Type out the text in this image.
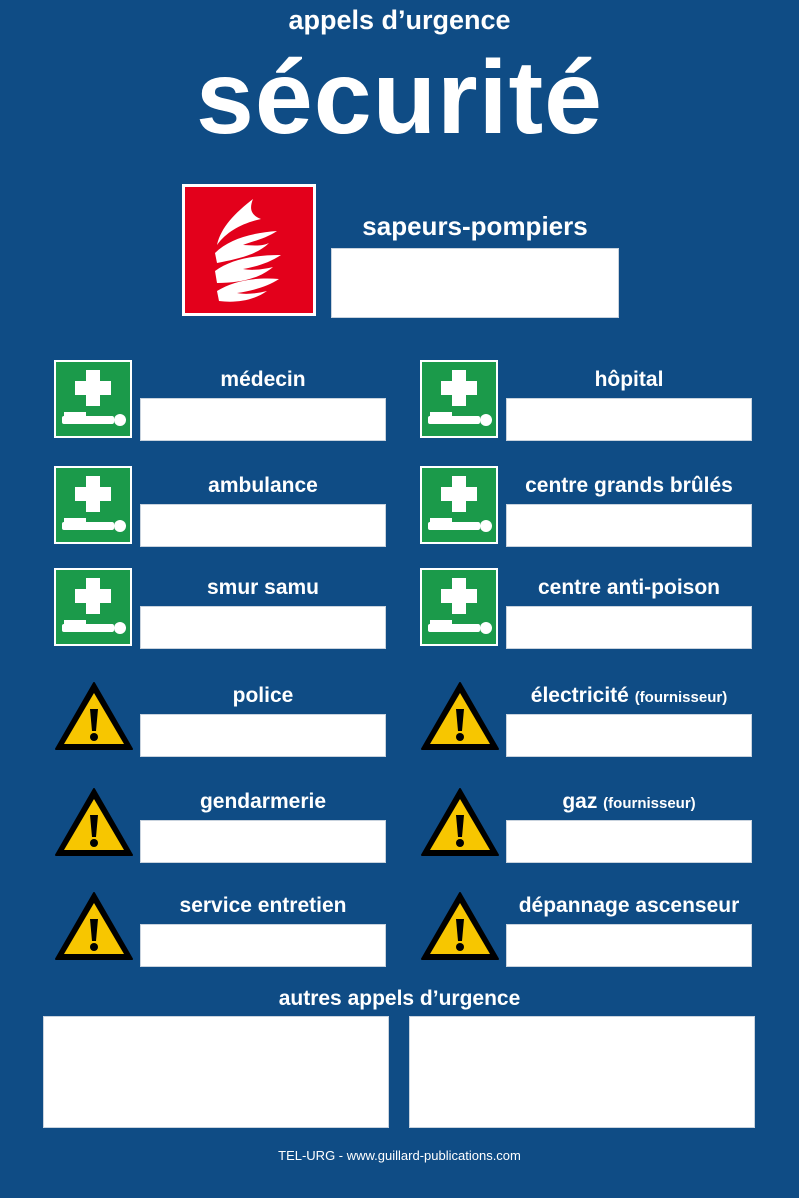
appels d’urgence
sécurité
sapeurs-pompiers
médecin
ambulance
smur samu
police
gendarmerie
service entretien
hôpital
centre grands brûlés
centre anti-poison
électricité (fournisseur)
gaz (fournisseur)
dépannage ascenseur
autres appels d’urgence
TEL-URG - www.guillard-publications.com
